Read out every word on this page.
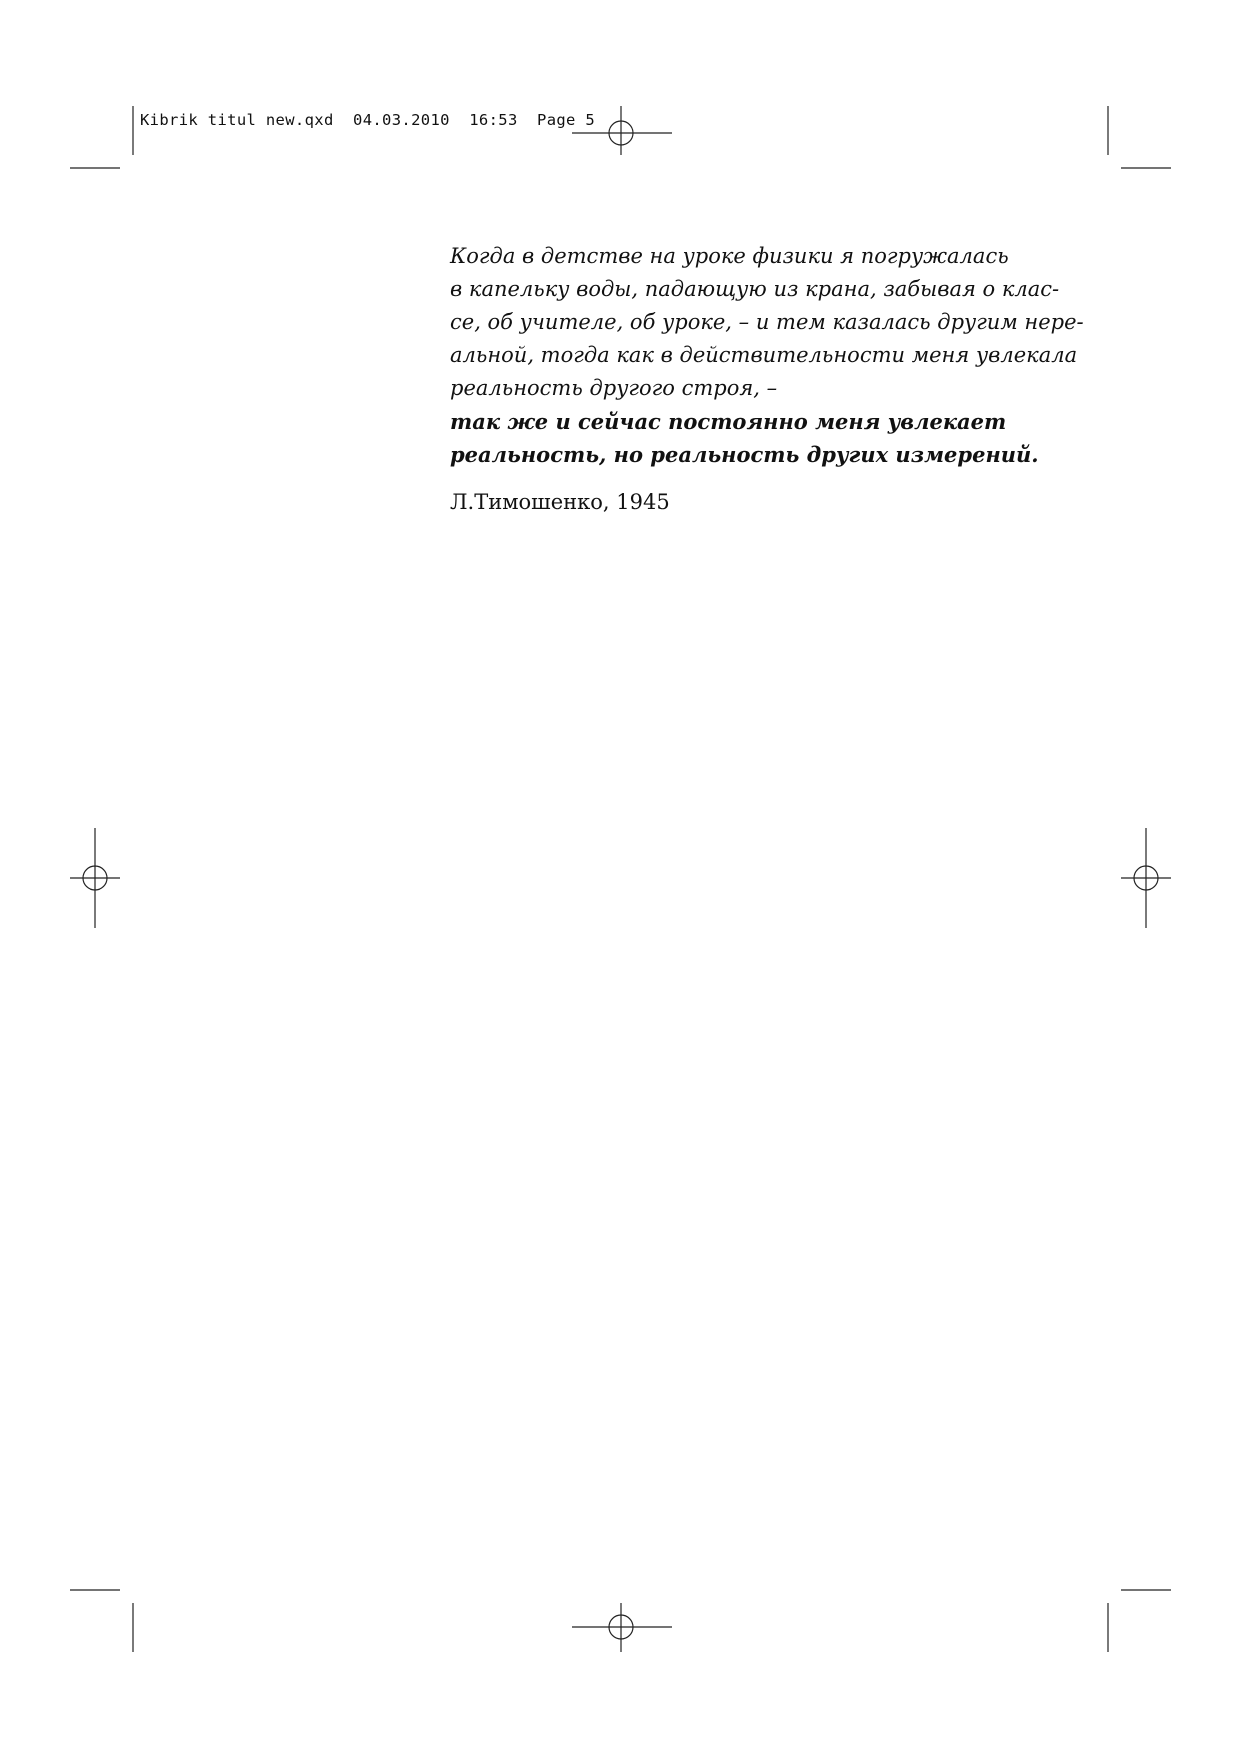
Kibrik titul new.qxd 04.03.2010 16:53 Page 5
Когда в детстве на уроке физики я погружалась
в капельку воды, падающую из крана, забывая о клас-
се, об учителе, об уроке, – и тем казалась другим нере-
альной, тогда как в действительности меня увлекала
реальность другого строя, –
так же и сейчас постоянно меня увлекает
реальность, но реальность других измерений.
Л.Тимошенко, 1945
